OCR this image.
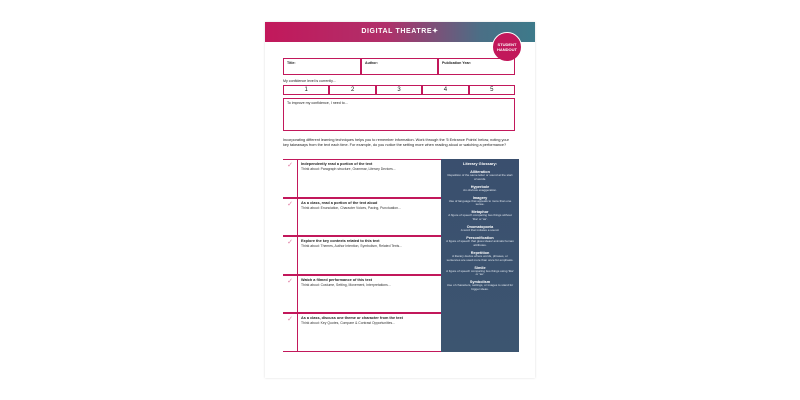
DIGITAL THEATRE✦
STUDENT
HANDOUT
Title:	Author:	Publication Year:
My confidence level is currently...
1	2	3	4	5
To improve my confidence, I need to...
Incorporating different learning techniques helps you to remember information. Work through the '5 Entrance Points' below, noting your key takeaways from the text each time. For example, do you notice the setting more when reading aloud or watching a performance?
✓	Independently read a portion of the text
Think about: Paragraph structure, Grammar, Literary Devices...
✓	As a class, read a portion of the text aloud
Think about: Enunciation, Character Voices, Pacing, Punctuation...
✓	Explore the key contexts related to this text
Think about: Themes, Author Intention, Symbolism, Related Texts...
✓	Watch a filmed performance of this text
Think about: Costume, Setting, Movement, Interpretations...
✓	As a class, discuss one theme or character from the text
Think about: Key Quotes, Compare & Contrast Opportunities...
Literary Glossary:
Alliteration
Repetition of the same letter or sound at the start of words.
Hyperbole
An obvious exaggeration.
Imagery
Use of language that appeals to more than one sense.
Metaphor
A figure of speech comparing two things without 'like' or 'as'.
Onomatopoeia
A word that imitates a sound.
Personification
A figure of speech that gives ideas/ animals human attributes.
Repetition
A literary device where words, phrases, or sentences are used more than once for emphasis.
Simile
A figure of speech comparing two things using 'like' or 'as'.
Symbolism
Use of characters, settings, or images to stand for bigger ideas.
